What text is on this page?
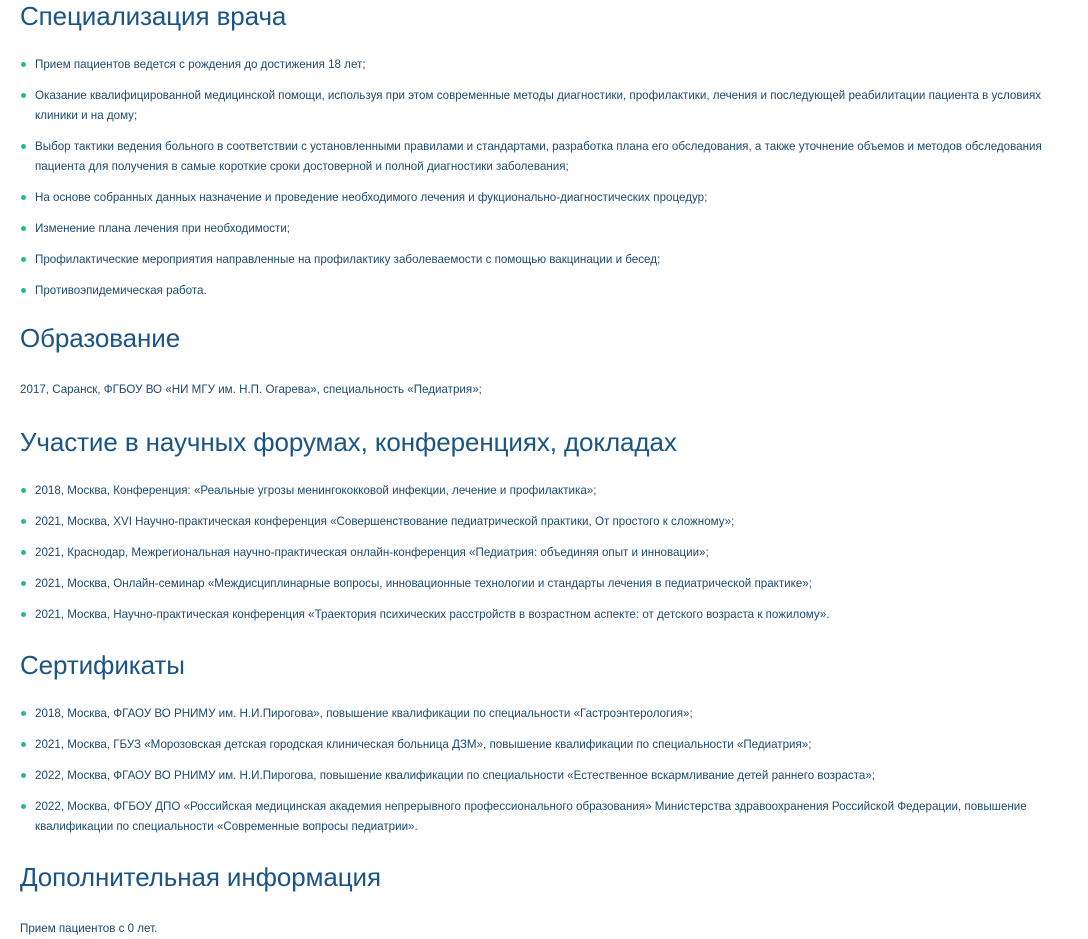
Специализация врача
Прием пациентов ведется с рождения до достижения 18 лет;
Оказание квалифицированной медицинской помощи, используя при этом современные методы диагностики, профилактики, лечения и последующей реабилитации пациента в условиях клиники и на дому;
Выбор тактики ведения больного в соответствии с установленными правилами и стандартами, разработка плана его обследования, а также уточнение объемов и методов обследования пациента для получения в самые короткие сроки достоверной и полной диагностики заболевания;
На основе собранных данных назначение и проведение необходимого лечения и фукционально-диагностических процедур;
Изменение плана лечения при необходимости;
Профилактические мероприятия направленные на профилактику заболеваемости с помощью вакцинации и бесед;
Противоэпидемическая работа.
Образование

2017, Саранск, ФГБОУ ВО «НИ МГУ им. Н.П. Огарева», специальность «Педиатрия»;

Участие в научных форумах, конференциях, докладах
2018, Москва, Конференция: «Реальные угрозы менингококковой инфекции, лечение и профилактика»;
2021, Москва, XVI Научно-практическая конференция «Совершенствование педиатрической практики, От простого к сложному»;
2021, Краснодар, Межрегиональная научно-практическая онлайн-конференция «Педиатрия: объединяя опыт и инновации»;
2021, Москва, Онлайн-семинар «Междисциплинарные вопросы, инновационные технологии и стандарты лечения в педиатрической практике»;
2021, Москва, Научно-практическая конференция «Траектория психических расстройств в возрастном аспекте: от детского возраста к пожилому».
Сертификаты
2018, Москва, ФГАОУ ВО РНИМУ им. Н.И.Пирогова», повышение квалификации по специальности «Гастроэнтерология»;
2021, Москва, ГБУЗ «Морозовская детская городская клиническая больница ДЗМ», повышение квалификации по специальности «Педиатрия»;
2022, Москва, ФГАОУ ВО РНИМУ им. Н.И.Пирогова, повышение квалификации по специальности «Естественное вскармливание детей раннего возраста»;
2022, Москва, ФГБОУ ДПО «Российская медицинская академия непрерывного профессионального образования» Министерства здравоохранения Российской Федерации, повышение квалификации по специальности «Современные вопросы педиатрии».
Дополнительная информация

Прием пациентов с 0 лет.
